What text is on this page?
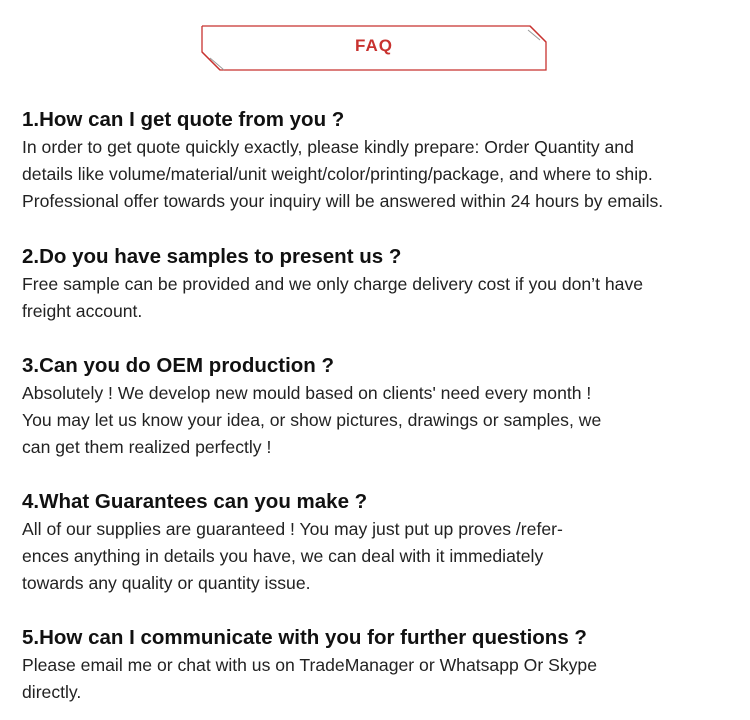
FAQ
1.How can I get quote from you ?
In order to get quote quickly exactly, please kindly prepare: Order Quantity and
details like volume/material/unit weight/color/printing/package, and where to ship.
Professional offer towards your inquiry will be answered within 24 hours by emails.
2.Do you have samples to present us ?
Free sample can be provided and we only charge delivery cost if you don’t have
freight account.
3.Can you do OEM production ?
Absolutely ! We develop new mould based on clients' need every month !
You may let us know your idea, or show pictures, drawings or samples, we
can get them realized perfectly !
4.What Guarantees can you make ?
All of our supplies are guaranteed ! You may just put up proves /refer-
ences anything in details you have, we can deal with it immediately
towards any quality or quantity issue.
5.How can I communicate with you for further questions ?
Please email me or chat with us on TradeManager or Whatsapp Or Skype
directly.
